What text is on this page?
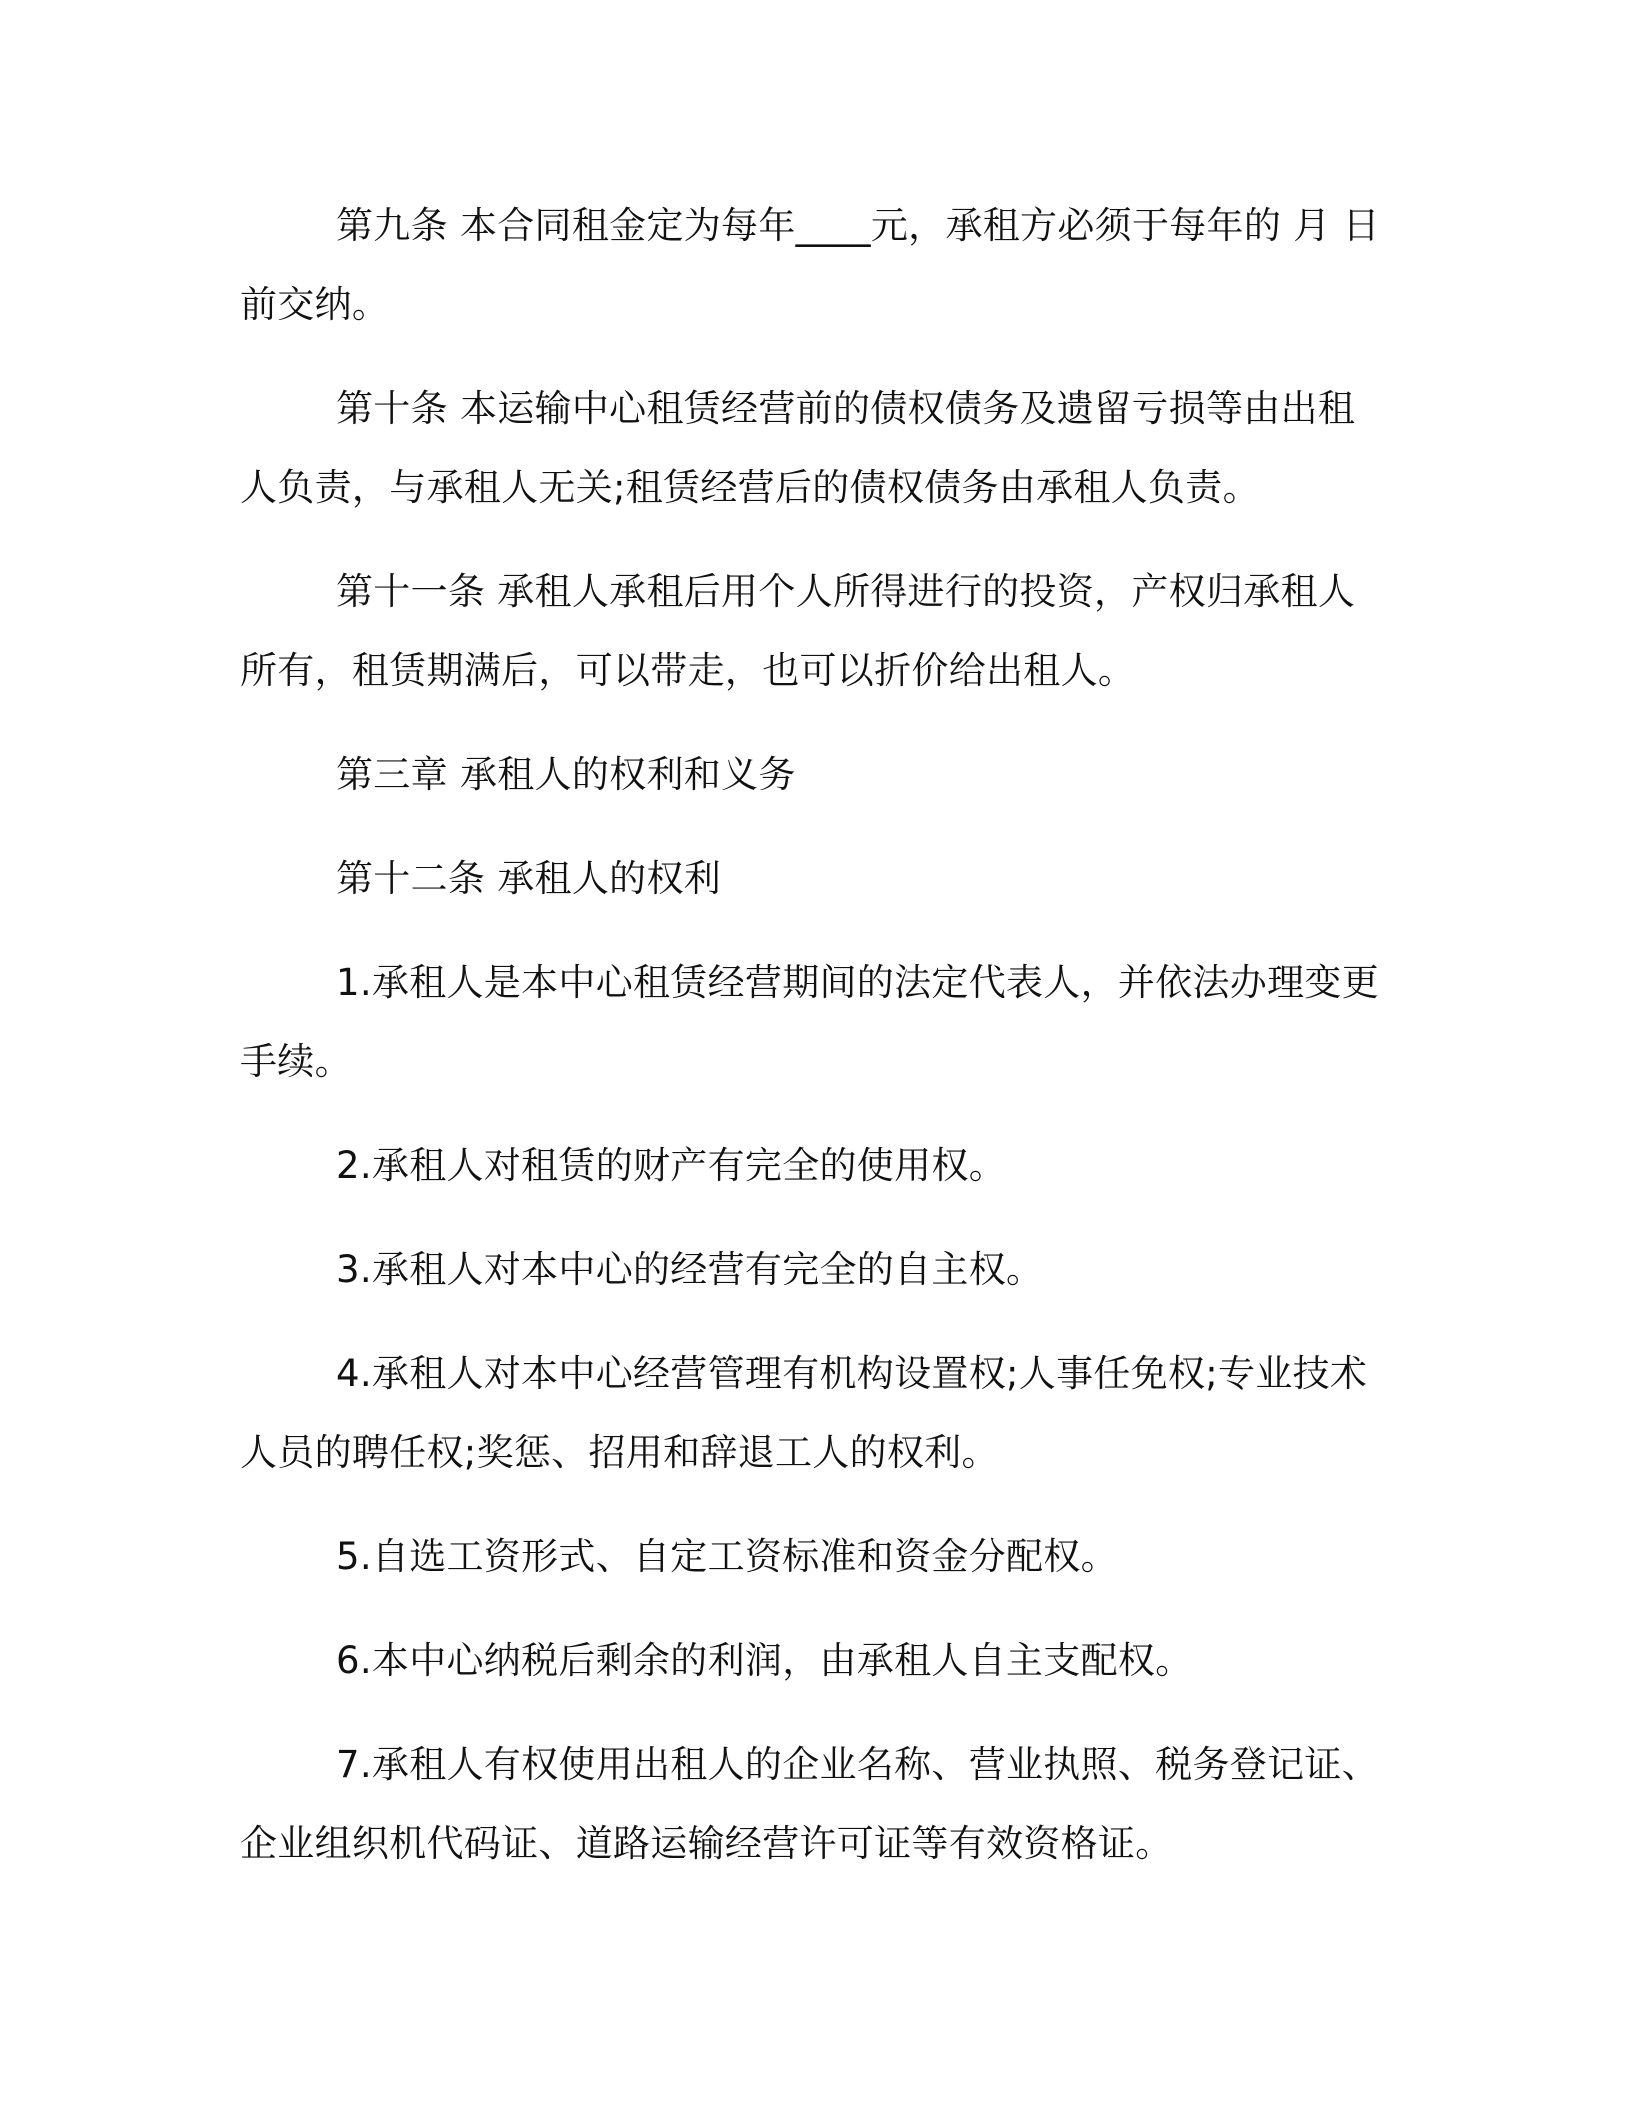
第九条 本合同租金定为每年____元，承租方必须于每年的 月 日前交纳。

第十条 本运输中心租赁经营前的债权债务及遗留亏损等由出租人负责，与承租人无关;租赁经营后的债权债务由承租人负责。

第十一条 承租人承租后用个人所得进行的投资，产权归承租人所有，租赁期满后，可以带走，也可以折价给出租人。

第三章 承租人的权利和义务

第十二条 承租人的权利

1.承租人是本中心租赁经营期间的法定代表人，并依法办理变更手续。

2.承租人对租赁的财产有完全的使用权。

3.承租人对本中心的经营有完全的自主权。

4.承租人对本中心经营管理有机构设置权;人事任免权;专业技术人员的聘任权;奖惩、招用和辞退工人的权利。

5.自选工资形式、自定工资标准和资金分配权。

6.本中心纳税后剩余的利润，由承租人自主支配权。

7.承租人有权使用出租人的企业名称、营业执照、税务登记证、企业组织机代码证、道路运输经营许可证等有效资格证。
